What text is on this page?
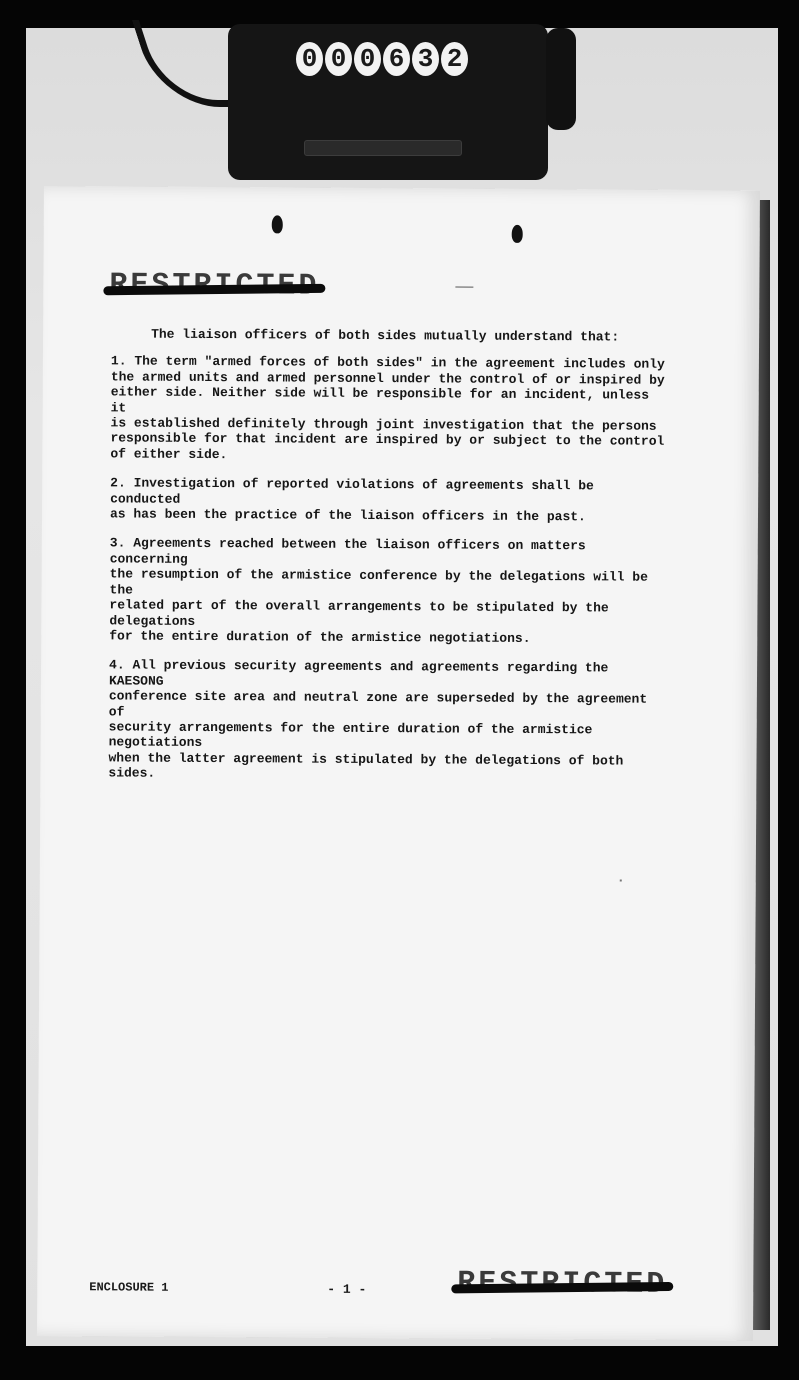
0 0 0 6 3 2

The liaison officers of both sides mutually understand that:

1. The term "armed forces of both sides" in the agreement includes only
the armed units and armed personnel under the control of or inspired by
either side. Neither side will be responsible for an incident, unless it
is established definitely through joint investigation that the persons
responsible for that incident are inspired by or subject to the control
of either side.

2. Investigation of reported violations of agreements shall be conducted
as has been the practice of the liaison officers in the past.

3. Agreements reached between the liaison officers on matters concerning
the resumption of the armistice conference by the delegations will be the
related part of the overall arrangements to be stipulated by the delegations
for the entire duration of the armistice negotiations.

4. All previous security agreements and agreements regarding the KAESONG
conference site area and neutral zone are superseded by the agreement of
security arrangements for the entire duration of the armistice negotiations
when the latter agreement is stipulated by the delegations of both sides.

ENCLOSURE 1	- 1 -
